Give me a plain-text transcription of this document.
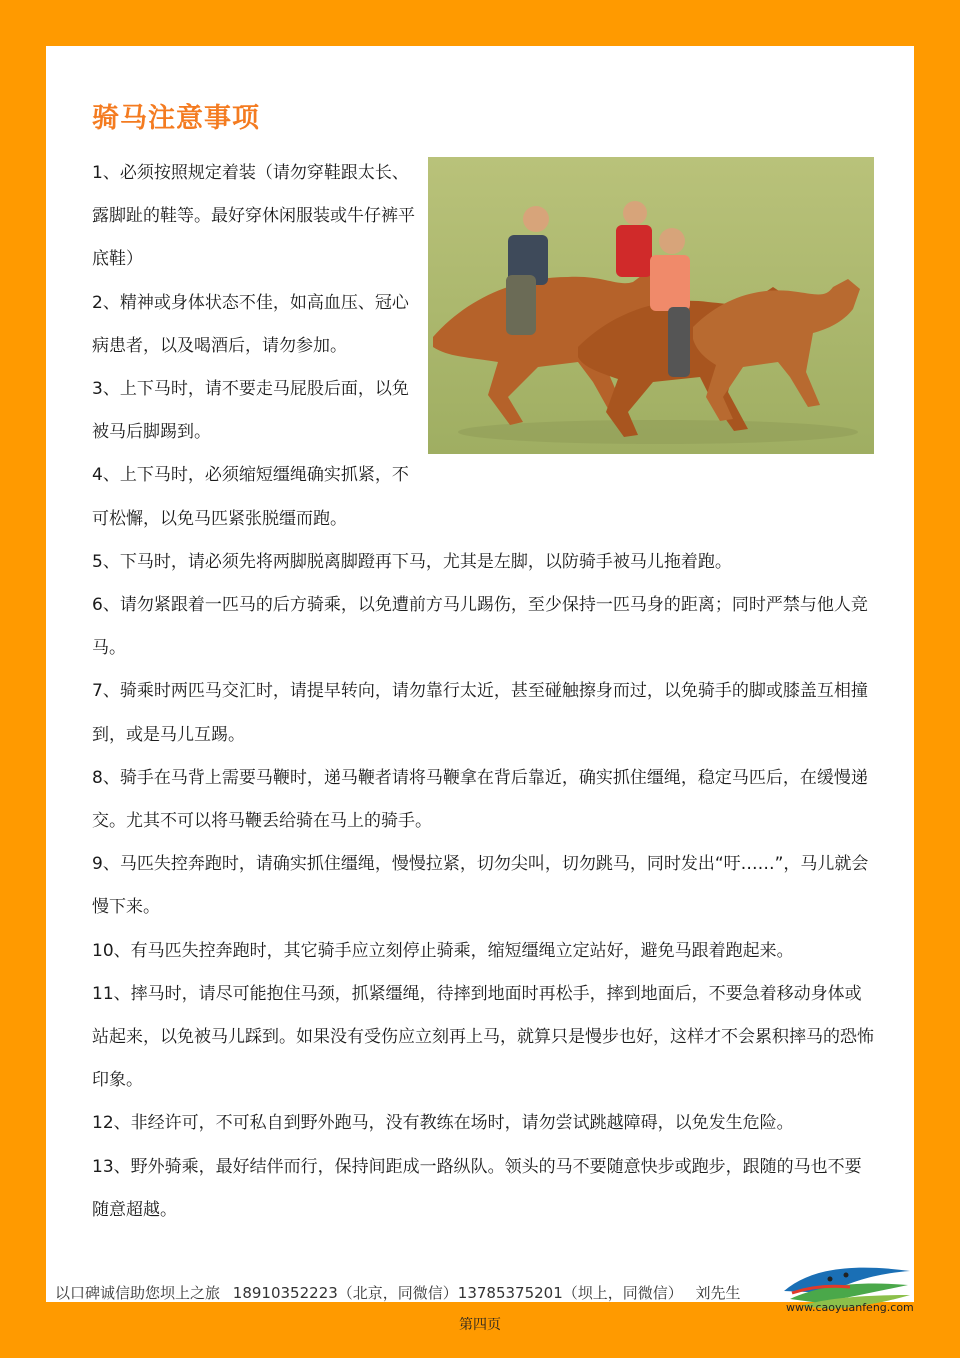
骑马注意事项

1、必须按照规定着装（请勿穿鞋跟太长、露脚趾的鞋等。最好穿休闲服装或牛仔裤平底鞋）

2、精神或身体状态不佳，如高血压、冠心病患者，以及喝酒后，请勿参加。

3、上下马时，请不要走马屁股后面，以免被马后脚踢到。

4、上下马时，必须缩短缰绳确实抓紧，不可松懈，以免马匹紧张脱缰而跑。

5、下马时，请必须先将两脚脱离脚蹬再下马，尤其是左脚，以防骑手被马儿拖着跑。

6、请勿紧跟着一匹马的后方骑乘，以免遭前方马儿踢伤，至少保持一匹马身的距离；同时严禁与他人竞马。

7、骑乘时两匹马交汇时，请提早转向，请勿靠行太近，甚至碰触擦身而过，以免骑手的脚或膝盖互相撞到，或是马儿互踢。

8、骑手在马背上需要马鞭时，递马鞭者请将马鞭拿在背后靠近，确实抓住缰绳，稳定马匹后，在缓慢递交。尤其不可以将马鞭丢给骑在马上的骑手。

9、马匹失控奔跑时，请确实抓住缰绳，慢慢拉紧，切勿尖叫，切勿跳马，同时发出“吁……”，马儿就会慢下来。

10、有马匹失控奔跑时，其它骑手应立刻停止骑乘，缩短缰绳立定站好，避免马跟着跑起来。

11、摔马时，请尽可能抱住马颈，抓紧缰绳，待摔到地面时再松手，摔到地面后，不要急着移动身体或站起来，以免被马儿踩到。如果没有受伤应立刻再上马，就算只是慢步也好，这样才不会累积摔马的恐怖印象。

12、非经许可，不可私自到野外跑马，没有教练在场时，请勿尝试跳越障碍，以免发生危险。

13、野外骑乘，最好结伴而行，保持间距成一路纵队。领头的马不要随意快步或跑步，跟随的马也不要随意超越。

以口碑诚信助您坝上之旅 18910352223（北京，同微信）13785375201（坝上，同微信） 刘先生
www.caoyuanfeng.com
第四页
